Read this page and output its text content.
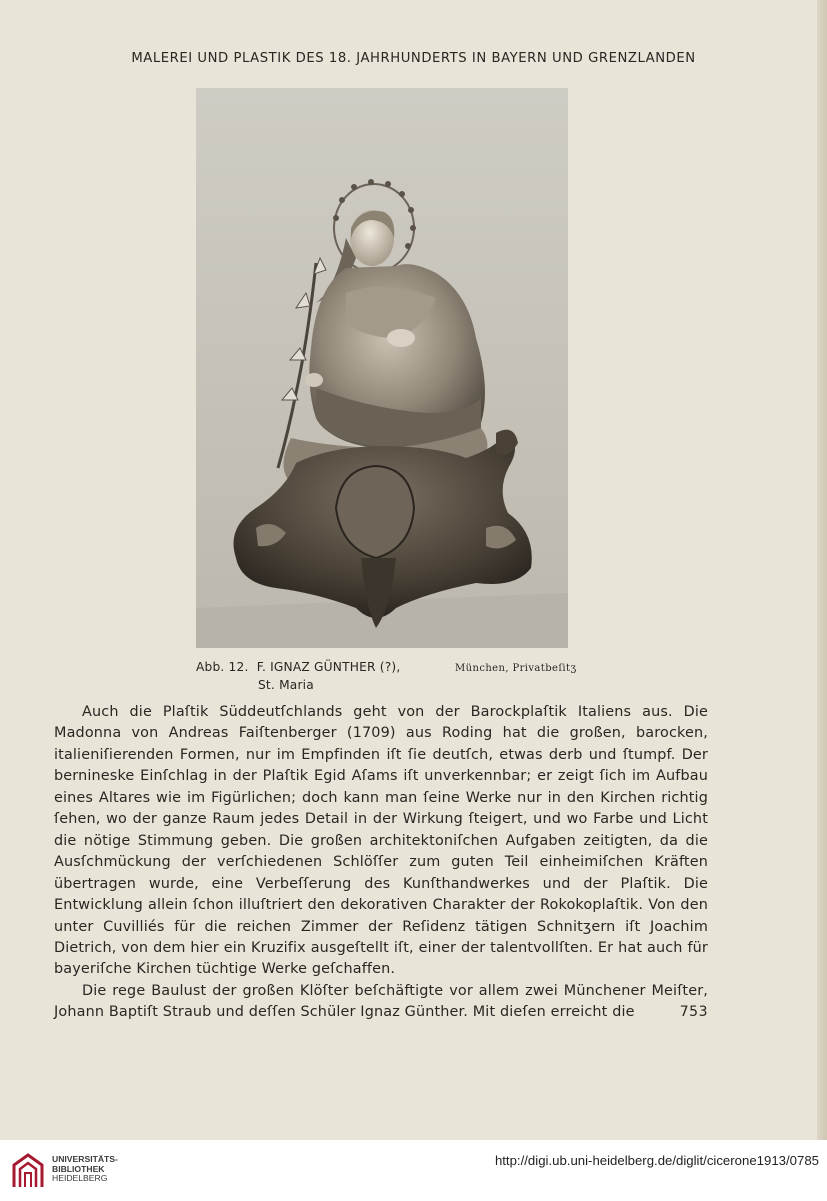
MALEREI UND PLASTIK DES 18. JAHRHUNDERTS IN BAYERN UND GRENZLANDEN
Abb. 12. F. IGNAZ GÜNTHER (?),	München, Privatbeſitʒ
St. Maria

Auch die Plaſtik Süddeutſchlands geht von der Barockplaſtik Italiens aus. Die Madonna von Andreas Faiſtenberger (1709) aus Roding hat die großen, barocken, italieniſierenden Formen, nur im Empfinden iſt ſie deutſch, etwas derb und ſtumpf. Der bernineske Einſchlag in der Plaſtik Egid Aſams iſt unverkennbar; er zeigt ſich im Aufbau eines Altares wie im Figürlichen; doch kann man ſeine Werke nur in den Kirchen richtig ſehen, wo der ganze Raum jedes Detail in der Wirkung ſteigert, und wo Farbe und Licht die nötige Stimmung geben. Die großen architektoniſchen Aufgaben zeitigten, da die Ausſchmückung der verſchiedenen Schlöſſer zum guten Teil einheimiſchen Kräften übertragen wurde, eine Verbeſſerung des Kunſthandwerkes und der Plaſtik. Die Entwicklung allein ſchon illuſtriert den dekorativen Charakter der Rokokoplaſtik. Von den unter Cuvilliés für die reichen Zimmer der Reſidenz tätigen Schnitʒern iſt Joachim Dietrich, von dem hier ein Kruzifix ausgeſtellt iſt, einer der talentvollſten. Er hat auch für bayeriſche Kirchen tüchtige Werke geſchaffen.

Die rege Baulust der großen Klöſter beſchäftigte vor allem zwei Münchener Meiſter, Johann Baptiſt Straub und deſſen Schüler Ignaz Günther. Mit dieſen erreicht die	753
UNIVERSITÄTS-
BIBLIOTHEK
HEIDELBERG
http://digi.ub.uni-heidelberg.de/diglit/cicerone1913/0785
